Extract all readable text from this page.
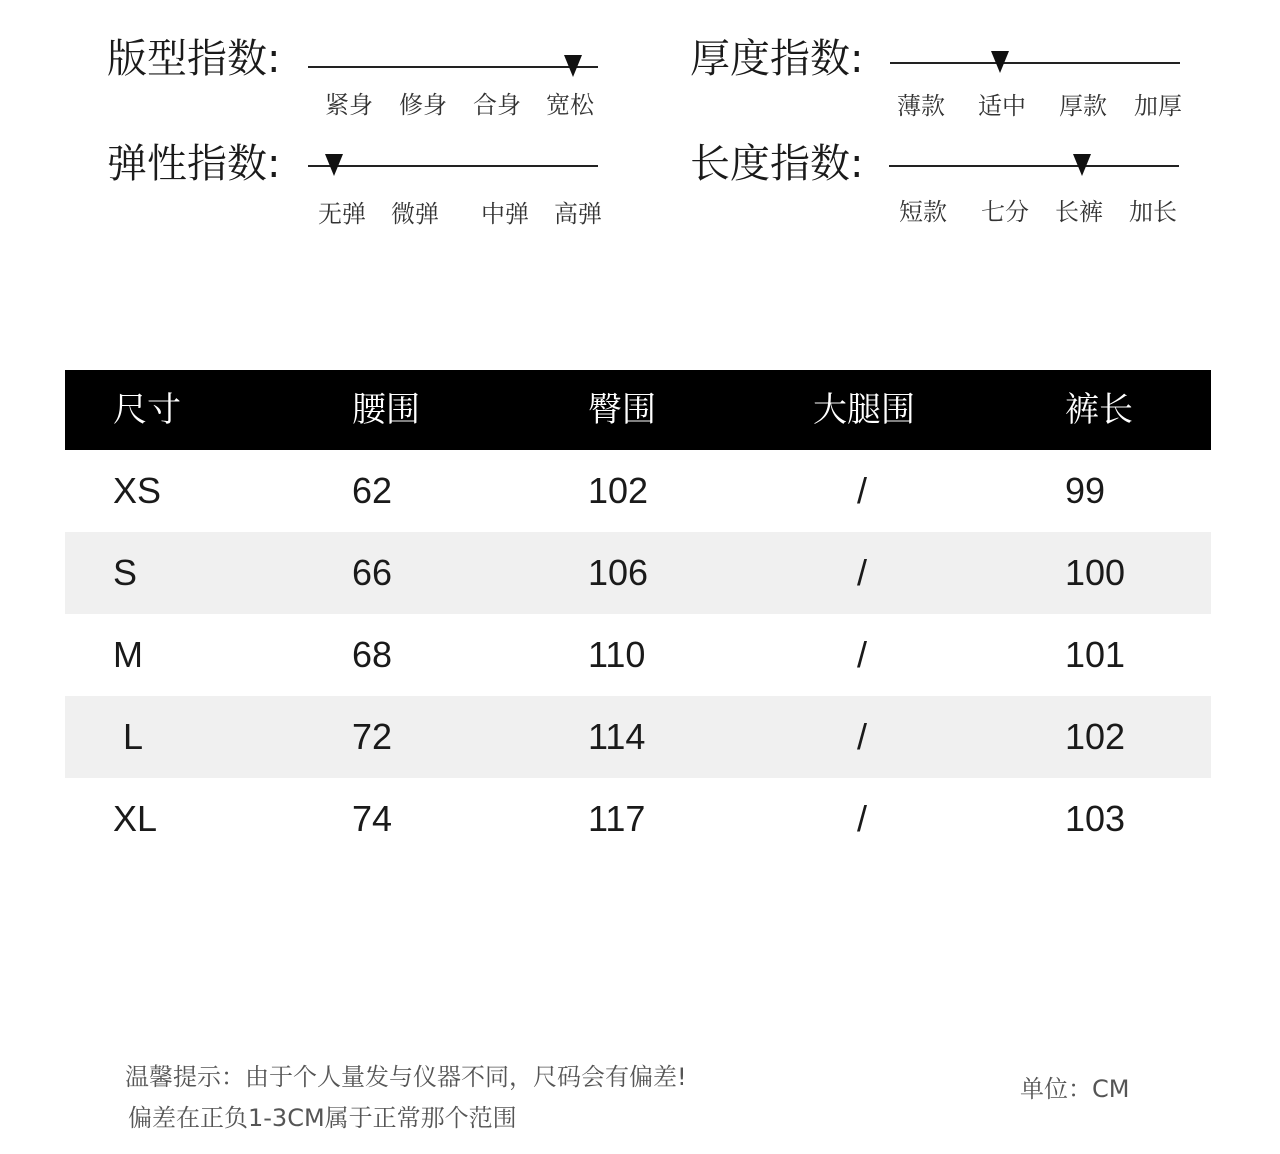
版型指数:
紧身 修身 合身 宽松
厚度指数:
薄款 适中 厚款 加厚
弹性指数:
无弹 微弹 中弹 高弹
长度指数:
短款 七分 长裤 加长
尺寸	腰围	臀围	大腿围	裤长
XS	62	102	/	99
S	66	106	/	100
M	68	110	/	101
L	72	114	/	102
XL	74	117	/	103
温馨提示：由于个人量发与仪器不同，尺码会有偏差!
偏差在正负1-3CM属于正常那个范围
单位：CM
